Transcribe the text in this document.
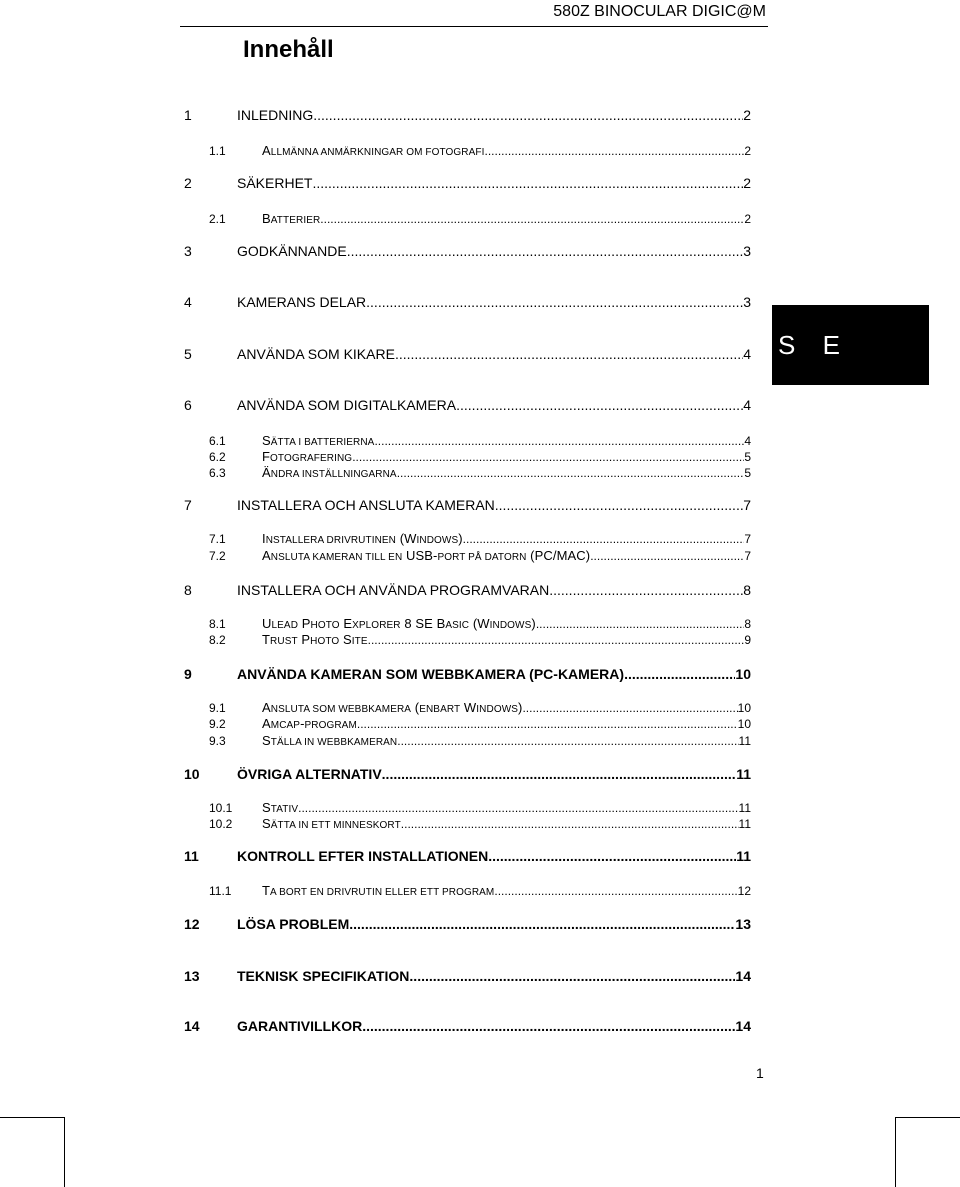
580Z BINOCULAR DIGIC@M
Innehåll
1	INLEDNING .....	2
1.1	ALLMÄNNA ANMÄRKNINGAR OM FOTOGRAFI .....	2
2	SÄKERHET .....	2
2.1	BATTERIER .....	2
3	GODKÄNNANDE .....	3
4	KAMERANS DELAR .....	3
5	ANVÄNDA SOM KIKARE .....	4
6	ANVÄNDA SOM DIGITALKAMERA .....	4
6.1	SÄTTA I BATTERIERNA .....	4
6.2	FOTOGRAFERING .....	5
6.3	ÄNDRA INSTÄLLNINGARNA .....	5
7	INSTALLERA OCH ANSLUTA KAMERAN .....	7
7.1	INSTALLERA DRIVRUTINEN (WINDOWS) .....	7
7.2	ANSLUTA KAMERAN TILL EN USB-PORT PÅ DATORN (PC/MAC) .....	7
8	INSTALLERA OCH ANVÄNDA PROGRAMVARAN .....	8
8.1	ULEAD PHOTO EXPLORER 8 SE BASIC (WINDOWS) .....	8
8.2	TRUST PHOTO SITE .....	9
9	ANVÄNDA KAMERAN SOM WEBBKAMERA (PC-KAMERA) .....	10
9.1	ANSLUTA SOM WEBBKAMERA (ENBART WINDOWS) .....	10
9.2	AMCAP-PROGRAM .....	10
9.3	STÄLLA IN WEBBKAMERAN .....	11
10	ÖVRIGA ALTERNATIV .....	11
10.1	STATIV .....	11
10.2	SÄTTA IN ETT MINNESKORT .....	11
11	KONTROLL EFTER INSTALLATIONEN .....	11
11.1	TA BORT EN DRIVRUTIN ELLER ETT PROGRAM .....	12
12	LÖSA PROBLEM .....	13
13	TEKNISK SPECIFIKATION .....	14
14	GARANTIVILLKOR .....	14
S E
1
